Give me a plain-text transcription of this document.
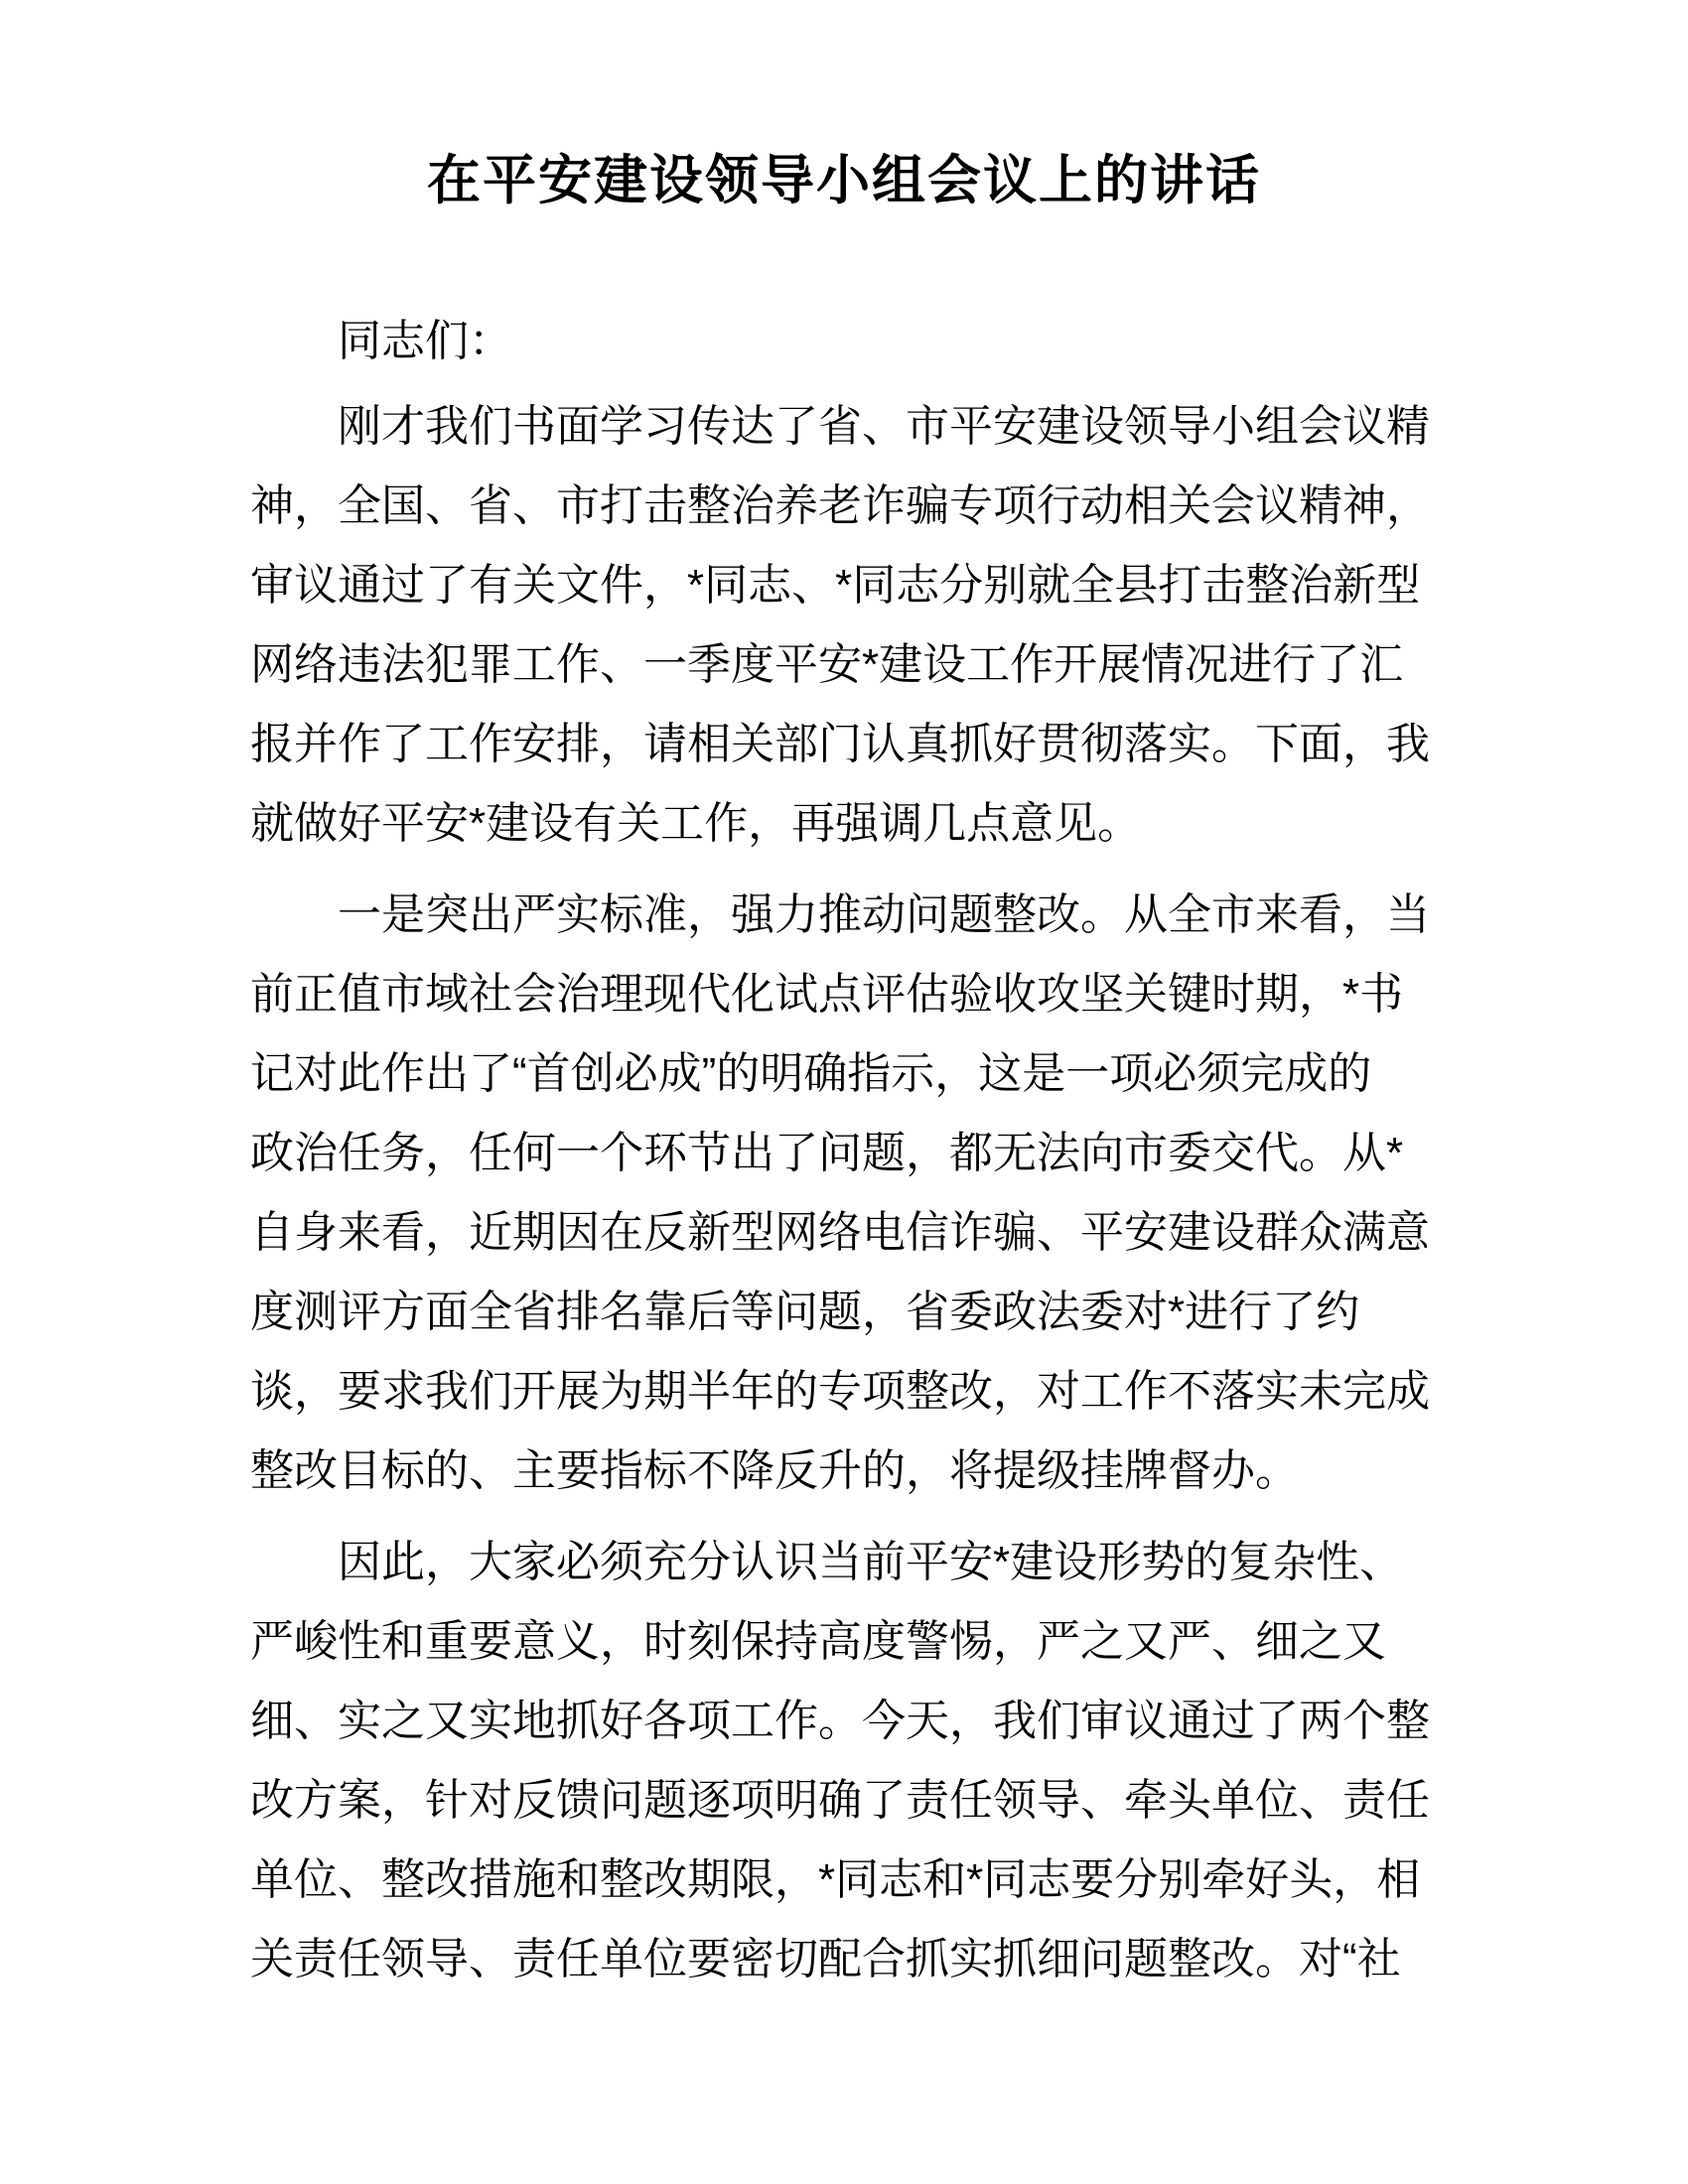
在平安建设领导小组会议上的讲话
同志们：
刚才我们书面学习传达了省、市平安建设领导小组会议精
神，全国、省、市打击整治养老诈骗专项行动相关会议精神，
审议通过了有关文件，*同志、*同志分别就全县打击整治新型
网络违法犯罪工作、一季度平安*建设工作开展情况进行了汇
报并作了工作安排，请相关部门认真抓好贯彻落实。下面，我
就做好平安*建设有关工作，再强调几点意见。
一是突出严实标准，强力推动问题整改。从全市来看，当
前正值市域社会治理现代化试点评估验收攻坚关键时期，*书
记对此作出了“首创必成”的明确指示，这是一项必须完成的
政治任务，任何一个环节出了问题，都无法向市委交代。从*
自身来看，近期因在反新型网络电信诈骗、平安建设群众满意
度测评方面全省排名靠后等问题，省委政法委对*进行了约
谈，要求我们开展为期半年的专项整改，对工作不落实未完成
整改目标的、主要指标不降反升的，将提级挂牌督办。
因此，大家必须充分认识当前平安*建设形势的复杂性、
严峻性和重要意义，时刻保持高度警惕，严之又严、细之又
细、实之又实地抓好各项工作。今天，我们审议通过了两个整
改方案，针对反馈问题逐项明确了责任领导、牵头单位、责任
单位、整改措施和整改期限，*同志和*同志要分别牵好头，相
关责任领导、责任单位要密切配合抓实抓细问题整改。对“社
